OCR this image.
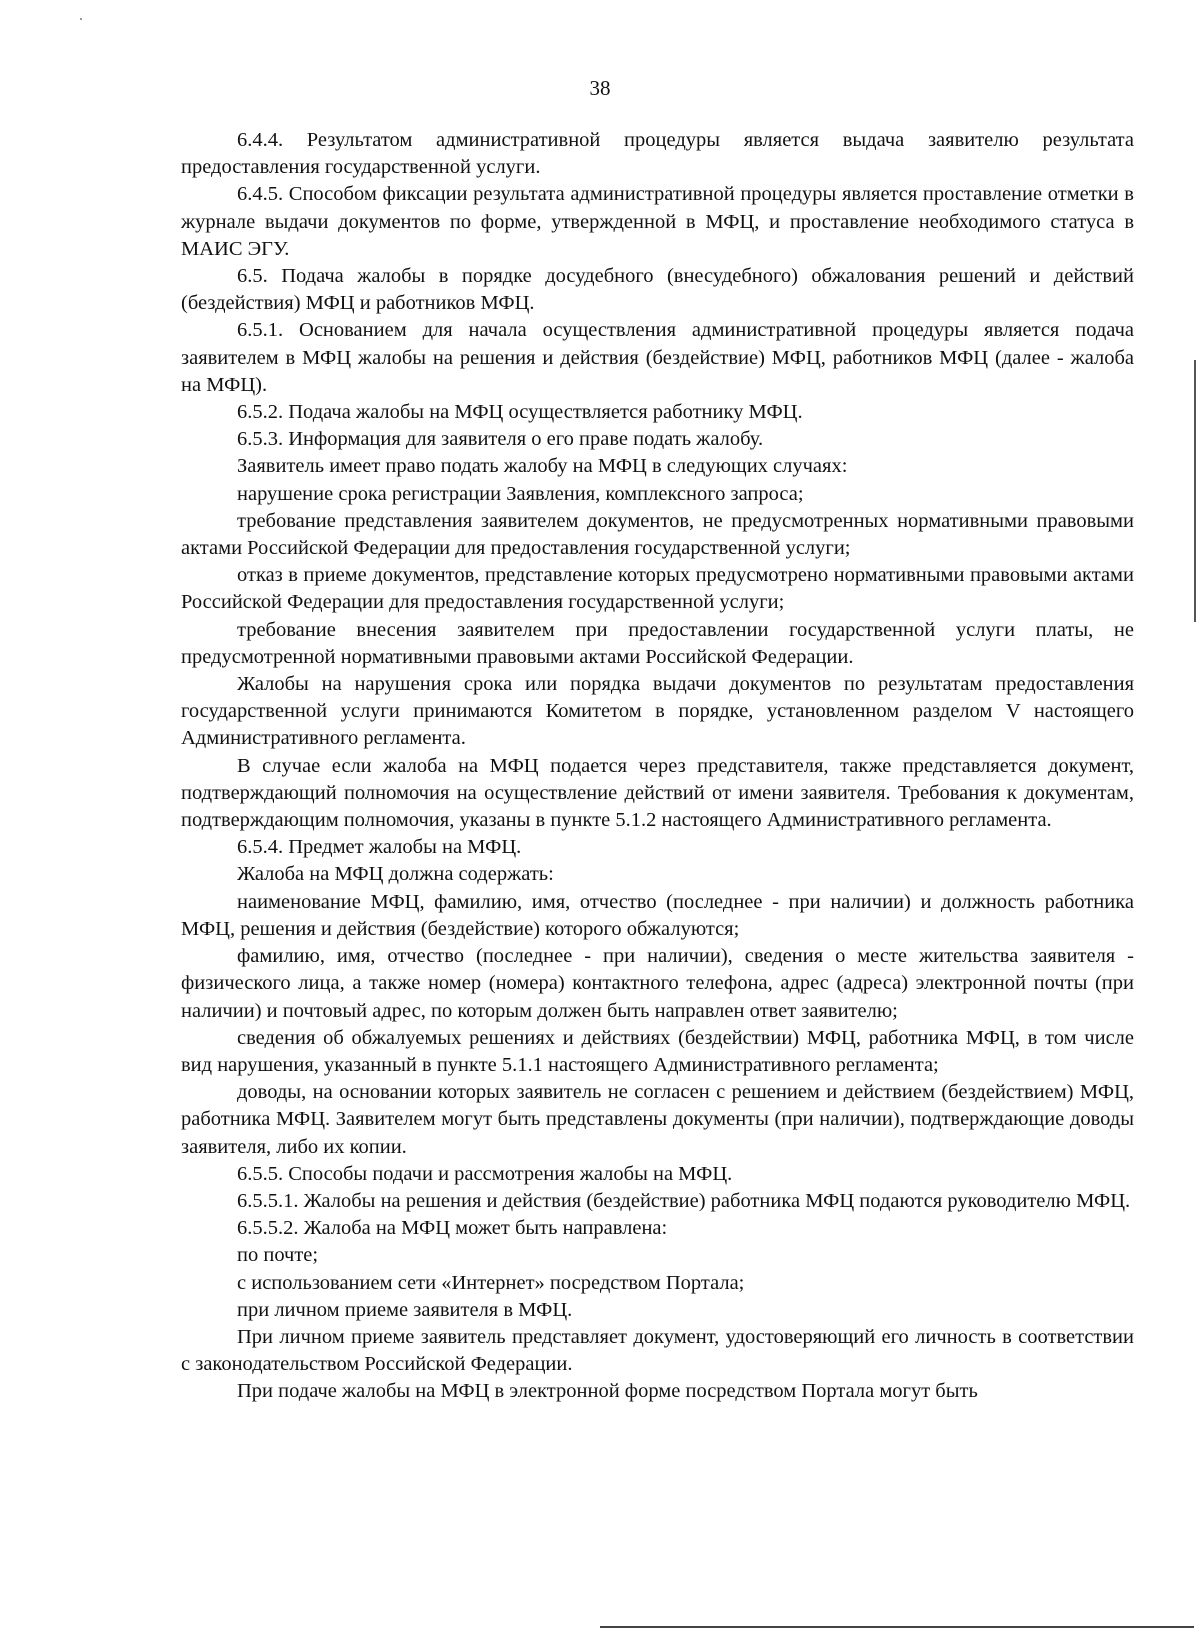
38

6.4.4. Результатом административной процедуры является выдача заявителю результата предоставления государственной услуги.

6.4.5. Способом фиксации результата административной процедуры является проставление отметки в журнале выдачи документов по форме, утвержденной в МФЦ, и проставление необходимого статуса в МАИС ЭГУ.

6.5. Подача жалобы в порядке досудебного (внесудебного) обжалования решений и действий (бездействия) МФЦ и работников МФЦ.

6.5.1. Основанием для начала осуществления административной процедуры является подача заявителем в МФЦ жалобы на решения и действия (бездействие) МФЦ, работников МФЦ (далее - жалоба на МФЦ).

6.5.2. Подача жалобы на МФЦ осуществляется работнику МФЦ.

6.5.3. Информация для заявителя о его праве подать жалобу.

Заявитель имеет право подать жалобу на МФЦ в следующих случаях:

нарушение срока регистрации Заявления, комплексного запроса;

требование представления заявителем документов, не предусмотренных нормативными правовыми актами Российской Федерации для предоставления государственной услуги;

отказ в приеме документов, представление которых предусмотрено нормативными правовыми актами Российской Федерации для предоставления государственной услуги;

требование внесения заявителем при предоставлении государственной услуги платы, не предусмотренной нормативными правовыми актами Российской Федерации.

Жалобы на нарушения срока или порядка выдачи документов по результатам предоставления государственной услуги принимаются Комитетом в порядке, установленном разделом V настоящего Административного регламента.

В случае если жалоба на МФЦ подается через представителя, также представляется документ, подтверждающий полномочия на осуществление действий от имени заявителя. Требования к документам, подтверждающим полномочия, указаны в пункте 5.1.2 настоящего Административного регламента.

6.5.4. Предмет жалобы на МФЦ.

Жалоба на МФЦ должна содержать:

наименование МФЦ, фамилию, имя, отчество (последнее - при наличии) и должность работника МФЦ, решения и действия (бездействие) которого обжалуются;

фамилию, имя, отчество (последнее - при наличии), сведения о месте жительства заявителя - физического лица, а также номер (номера) контактного телефона, адрес (адреса) электронной почты (при наличии) и почтовый адрес, по которым должен быть направлен ответ заявителю;

сведения об обжалуемых решениях и действиях (бездействии) МФЦ, работника МФЦ, в том числе вид нарушения, указанный в пункте 5.1.1 настоящего Административного регламента;

доводы, на основании которых заявитель не согласен с решением и действием (бездействием) МФЦ, работника МФЦ. Заявителем могут быть представлены документы (при наличии), подтверждающие доводы заявителя, либо их копии.

6.5.5. Способы подачи и рассмотрения жалобы на МФЦ.

6.5.5.1. Жалобы на решения и действия (бездействие) работника МФЦ подаются руководителю МФЦ.

6.5.5.2. Жалоба на МФЦ может быть направлена:

по почте;

с использованием сети «Интернет» посредством Портала;

при личном приеме заявителя в МФЦ.

При личном приеме заявитель представляет документ, удостоверяющий его личность в соответствии с законодательством Российской Федерации.

При подаче жалобы на МФЦ в электронной форме посредством Портала могут быть
